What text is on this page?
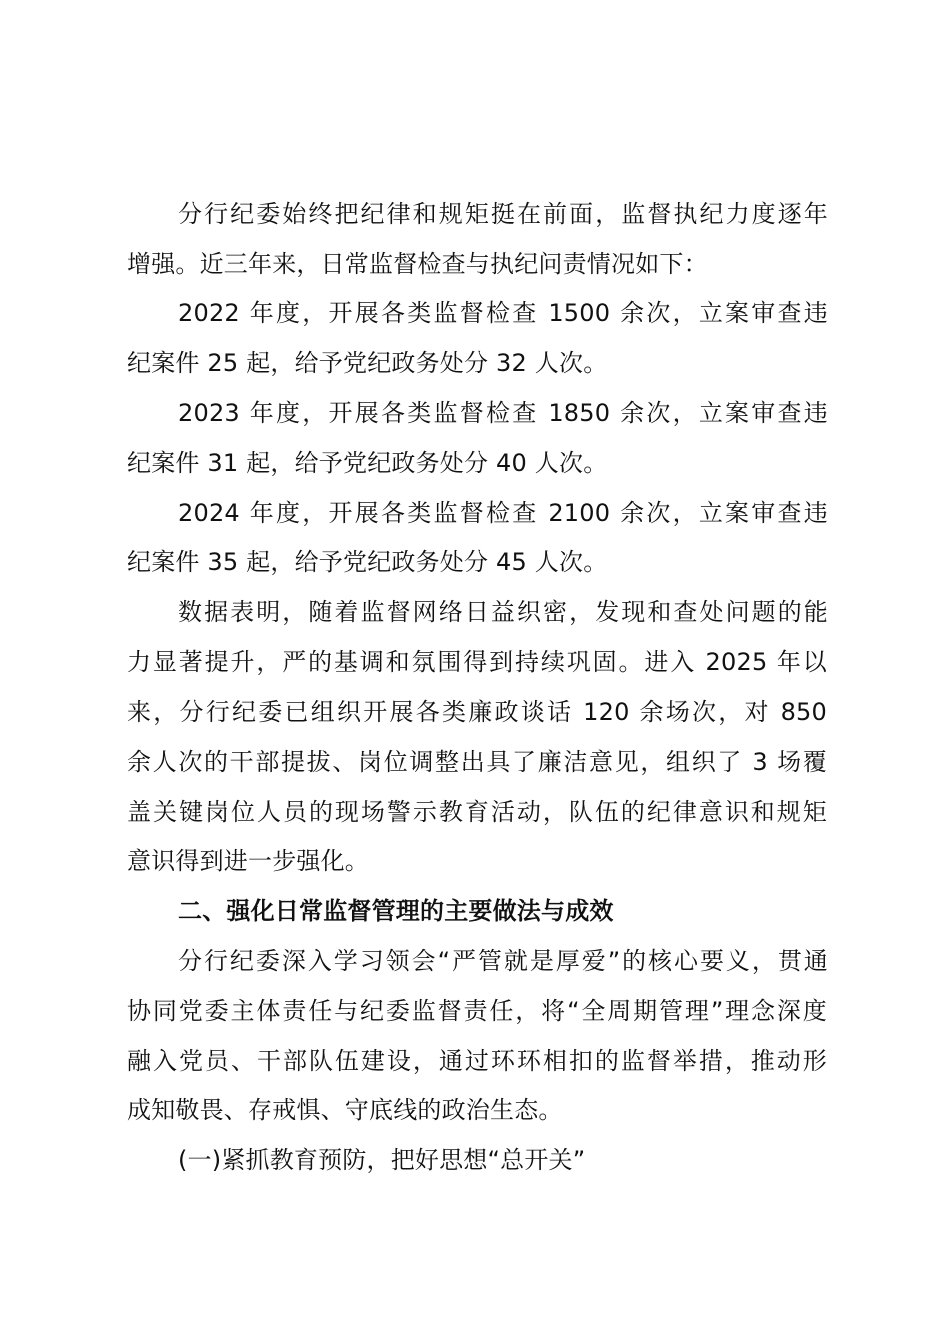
分行纪委始终把纪律和规矩挺在前面，监督执纪力度逐年
增强。近三年来，日常监督检查与执纪问责情况如下：
2022 年度，开展各类监督检查 1500 余次，立案审查违
纪案件 25 起，给予党纪政务处分 32 人次。
2023 年度，开展各类监督检查 1850 余次，立案审查违
纪案件 31 起，给予党纪政务处分 40 人次。
2024 年度，开展各类监督检查 2100 余次，立案审查违
纪案件 35 起，给予党纪政务处分 45 人次。
数据表明，随着监督网络日益织密，发现和查处问题的能
力显著提升，严的基调和氛围得到持续巩固。进入 2025 年以
来，分行纪委已组织开展各类廉政谈话 120 余场次，对 850
余人次的干部提拔、岗位调整出具了廉洁意见，组织了 3 场覆
盖关键岗位人员的现场警示教育活动，队伍的纪律意识和规矩
意识得到进一步强化。
二、强化日常监督管理的主要做法与成效
分行纪委深入学习领会“严管就是厚爱”的核心要义，贯通
协同党委主体责任与纪委监督责任，将“全周期管理”理念深度
融入党员、干部队伍建设，通过环环相扣的监督举措，推动形
成知敬畏、存戒惧、守底线的政治生态。
(一)紧抓教育预防，把好思想“总开关”
